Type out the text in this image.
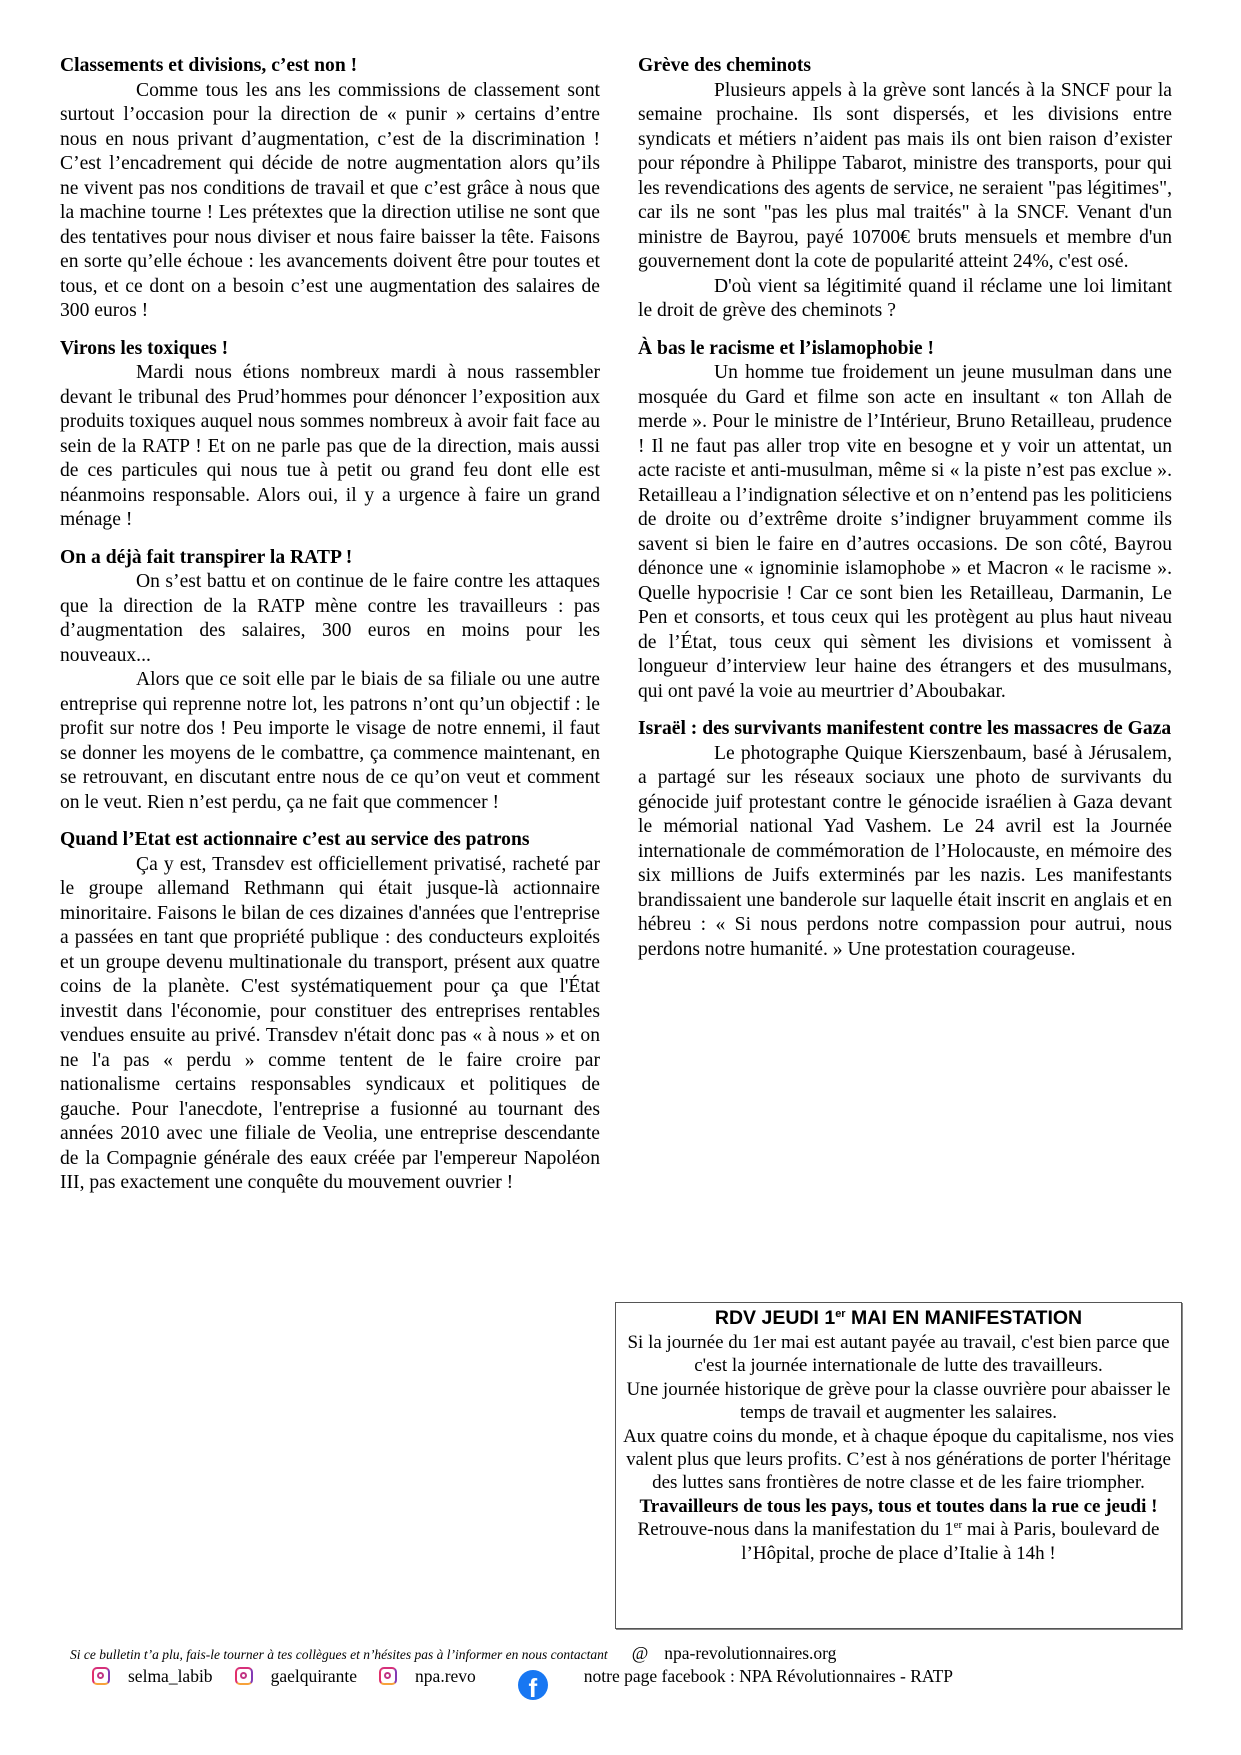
Classements et divisions, c’est non !

Comme tous les ans les commissions de classement sont surtout l’occasion pour la direction de « punir » certains d’entre nous en nous privant d’augmentation, c’est de la discrimination ! C’est l’encadrement qui décide de notre augmentation alors qu’ils ne vivent pas nos conditions de travail et que c’est grâce à nous que la machine tourne ! Les prétextes que la direction utilise ne sont que des tentatives pour nous diviser et nous faire baisser la tête. Faisons en sorte qu’elle échoue : les avancements doivent être pour toutes et tous, et ce dont on a besoin c’est une augmentation des salaires de 300 euros !

Virons les toxiques !

Mardi nous étions nombreux mardi à nous rassembler devant le tribunal des Prud’hommes pour dénoncer l’exposition aux produits toxiques auquel nous sommes nombreux à avoir fait face au sein de la RATP ! Et on ne parle pas que de la direction, mais aussi de ces particules qui nous tue à petit ou grand feu dont elle est néanmoins responsable. Alors oui, il y a urgence à faire un grand ménage !

On a déjà fait transpirer la RATP !

On s’est battu et on continue de le faire contre les attaques que la direction de la RATP mène contre les travailleurs : pas d’augmentation des salaires, 300 euros en moins pour les nouveaux...

Alors que ce soit elle par le biais de sa filiale ou une autre entreprise qui reprenne notre lot, les patrons n’ont qu’un objectif : le profit sur notre dos ! Peu importe le visage de notre ennemi, il faut se donner les moyens de le combattre, ça commence maintenant, en se retrouvant, en discutant entre nous de ce qu’on veut et comment on le veut. Rien n’est perdu, ça ne fait que commencer !

Quand l’Etat est actionnaire c’est au service des patrons

Ça y est, Transdev est officiellement privatisé, racheté par le groupe allemand Rethmann qui était jusque-là actionnaire minoritaire. Faisons le bilan de ces dizaines d'années que l'entreprise a passées en tant que propriété publique : des conducteurs exploités et un groupe devenu multinationale du transport, présent aux quatre coins de la planète. C'est systématiquement pour ça que l'État investit dans l'économie, pour constituer des entreprises rentables vendues ensuite au privé. Transdev n'était donc pas « à nous » et on ne l'a pas « perdu » comme tentent de le faire croire par nationalisme certains responsables syndicaux et politiques de gauche. Pour l'anecdote, l'entreprise a fusionné au tournant des années 2010 avec une filiale de Veolia, une entreprise descendante de la Compagnie générale des eaux créée par l'empereur Napoléon III, pas exactement une conquête du mouvement ouvrier !

Grève des cheminots

Plusieurs appels à la grève sont lancés à la SNCF pour la semaine prochaine. Ils sont dispersés, et les divisions entre syndicats et métiers n’aident pas mais ils ont bien raison d’exister pour répondre à Philippe Tabarot, ministre des transports, pour qui les revendications des agents de service, ne seraient "pas légitimes", car ils ne sont "pas les plus mal traités" à la SNCF. Venant d'un ministre de Bayrou, payé 10700€ bruts mensuels et membre d'un gouvernement dont la cote de popularité atteint 24%, c'est osé.

D'où vient sa légitimité quand il réclame une loi limitant le droit de grève des cheminots ?

À bas le racisme et l’islamophobie !

Un homme tue froidement un jeune musulman dans une mosquée du Gard et filme son acte en insultant « ton Allah de merde ». Pour le ministre de l’Intérieur, Bruno Retailleau, prudence ! Il ne faut pas aller trop vite en besogne et y voir un attentat, un acte raciste et anti-musulman, même si « la piste n’est pas exclue ». Retailleau a l’indignation sélective et on n’entend pas les politiciens de droite ou d’extrême droite s’indigner bruyamment comme ils savent si bien le faire en d’autres occasions. De son côté, Bayrou dénonce une « ignominie islamophobe » et Macron « le racisme ». Quelle hypocrisie ! Car ce sont bien les Retailleau, Darmanin, Le Pen et consorts, et tous ceux qui les protègent au plus haut niveau de l’État, tous ceux qui sèment les divisions et vomissent à longueur d’interview leur haine des étrangers et des musulmans, qui ont pavé la voie au meurtrier d’Aboubakar.

Israël : des survivants manifestent contre les massacres de Gaza

Le photographe Quique Kierszenbaum, basé à Jérusalem, a partagé sur les réseaux sociaux une photo de survivants du génocide juif protestant contre le génocide israélien à Gaza devant le mémorial national Yad Vashem. Le 24 avril est la Journée internationale de commémoration de l’Holocauste, en mémoire des six millions de Juifs exterminés par les nazis. Les manifestants brandissaient une banderole sur laquelle était inscrit en anglais et en hébreu : « Si nous perdons notre compassion pour autrui, nous perdons notre humanité. » Une protestation courageuse.

RDV JEUDI 1er MAI EN MANIFESTATION

Si la journée du 1er mai est autant payée au travail, c'est bien parce que c'est la journée internationale de lutte des travailleurs.

Une journée historique de grève pour la classe ouvrière pour abaisser le temps de travail et augmenter les salaires.

Aux quatre coins du monde, et à chaque époque du capitalisme, nos vies valent plus que leurs profits. C’est à nos générations de porter l'héritage des luttes sans frontières de notre classe et de les faire triompher. Travailleurs de tous les pays, tous et toutes dans la rue ce jeudi !

Retrouve-nous dans la manifestation du 1er mai à Paris, boulevard de l’Hôpital, proche de place d’Italie à 14h !

Si ce bulletin t’a plu, fais-le tourner à tes collègues et n’hésites pas à l’informer en nous contactant @ npa-revolutionnaires.org
selma_labib	gaelquirante	npa.revo	f	notre page facebook : NPA Révolutionnaires - RATP
